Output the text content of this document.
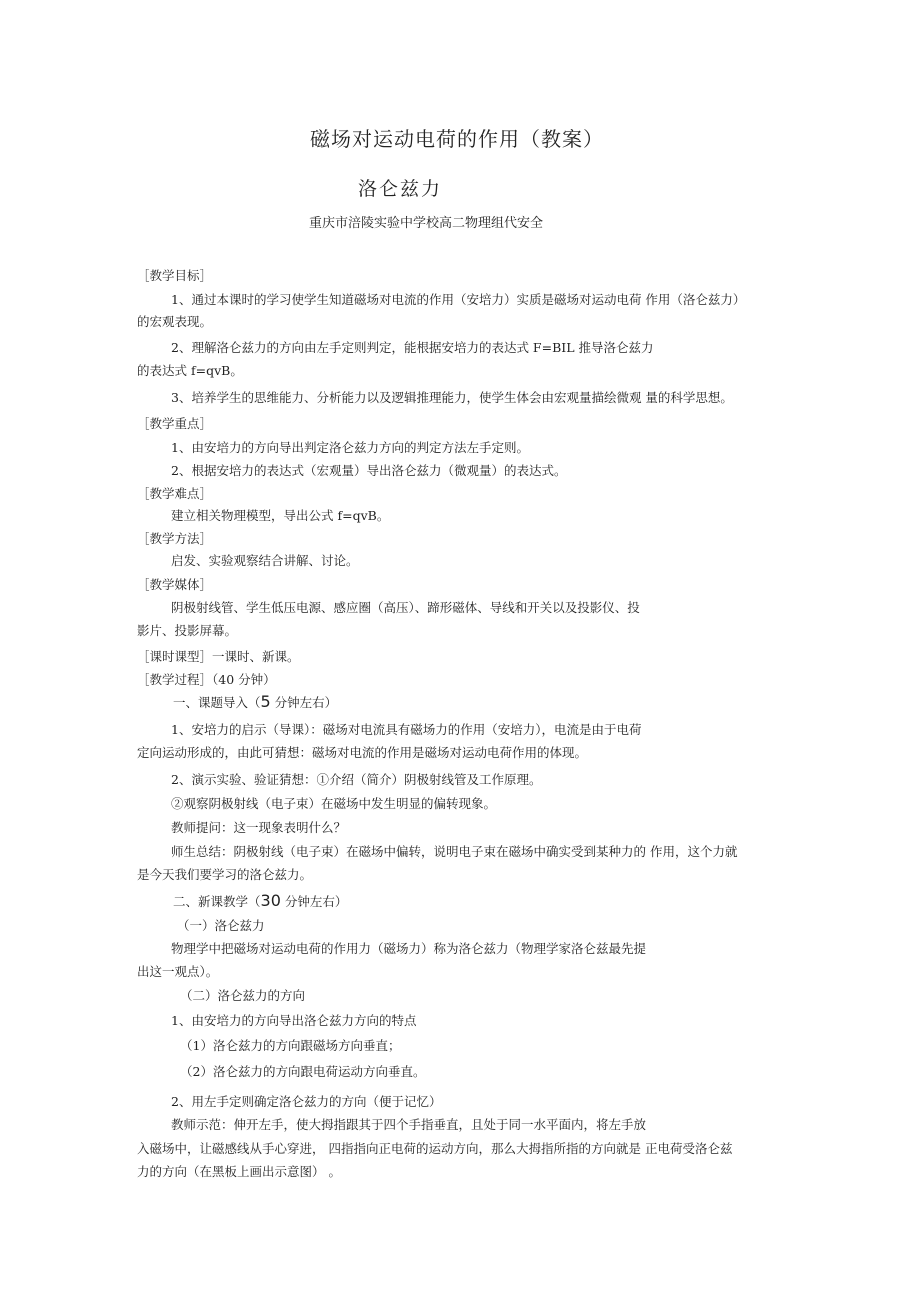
磁场对运动电荷的作用（教案）
洛仑兹力
重庆市涪陵实验中学校高二物理组代安全
［教学目标］
1、通过本课时的学习使学生知道磁场对电流的作用（安培力）实质是磁场对运动电荷 作用（洛仑兹力）
的宏观表现。
2、理解洛仑兹力的方向由左手定则判定，能根据安培力的表达式 F=BIL 推导洛仑兹力
的表达式 f=qvB。
3、培养学生的思维能力、分析能力以及逻辑推理能力，使学生体会由宏观量描绘微观 量的科学思想。
［教学重点］
1、由安培力的方向导出判定洛仑兹力方向的判定方法左手定则。
2、根据安培力的表达式（宏观量）导出洛仑兹力（微观量）的表达式。
［教学难点］
建立相关物理模型，导出公式 f=qvB。
［教学方法］
启发、实验观察结合讲解、讨论。
［教学媒体］
阴极射线管、学生低压电源、感应圈（高压）、蹄形磁体、导线和开关以及投影仪、投
影片、投影屏幕。
［课时课型］一课时、新课。
［教学过程］（40 分钟）
一、课题导入（5 分钟左右）
1、安培力的启示（导课）：磁场对电流具有磁场力的作用（安培力），电流是由于电荷
定向运动形成的，由此可猜想：磁场对电流的作用是磁场对运动电荷作用的体现。
2、演示实验、验证猜想：①介绍（简介）阴极射线管及工作原理。
②观察阴极射线（电子束）在磁场中发生明显的偏转现象。
教师提问：这一现象表明什么？
师生总结：阴极射线（电子束）在磁场中偏转，说明电子束在磁场中确实受到某种力的 作用，这个力就
是今天我们要学习的洛仑兹力。
二、新课教学（30 分钟左右）
（一）洛仑兹力
物理学中把磁场对运动电荷的作用力（磁场力）称为洛仑兹力（物理学家洛仑兹最先提
出这一观点）。
（二）洛仑兹力的方向
1、由安培力的方向导出洛仑兹力方向的特点
（1）洛仑兹力的方向跟磁场方向垂直；
（2）洛仑兹力的方向跟电荷运动方向垂直。
2、用左手定则确定洛仑兹力的方向（便于记忆）
教师示范：伸开左手，使大拇指跟其于四个手指垂直，且处于同一水平面内，将左手放
入磁场中，让磁感线从手心穿进， 四指指向正电荷的运动方向，那么大拇指所指的方向就是 正电荷受洛仑兹
力的方向（在黑板上画出示意图） 。
